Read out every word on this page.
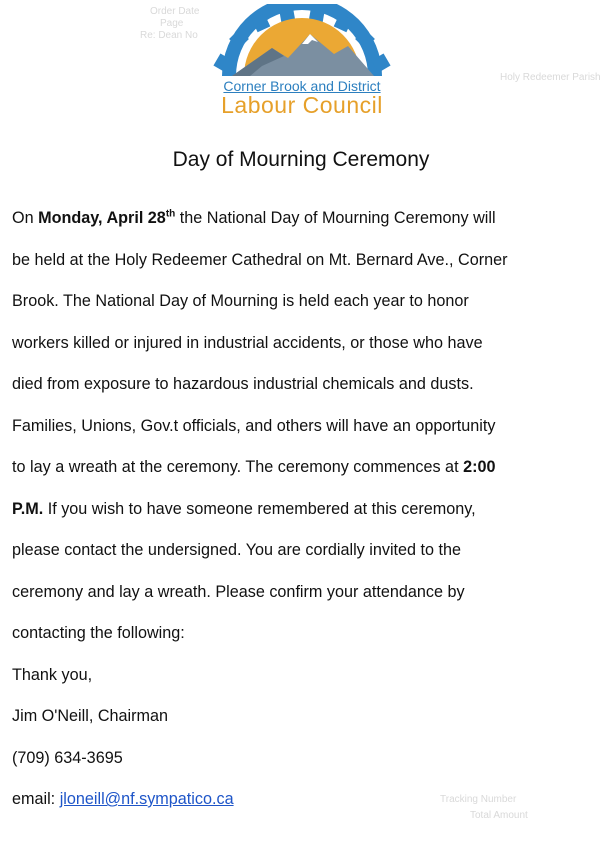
Order Date
Page
Re: Dean No
Holy Redeemer Parish
Corner Brook and District
Labour Council
Day of Mourning Ceremony
On Monday, April 28th the National Day of Mourning Ceremony will
be held at the Holy Redeemer Cathedral on Mt. Bernard Ave., Corner
Brook. The National Day of Mourning is held each year to honor
workers killed or injured in industrial accidents, or those who have
died from exposure to hazardous industrial chemicals and dusts.
Families, Unions, Gov.t officials, and others will have an opportunity
to lay a wreath at the ceremony. The ceremony commences at 2:00
P.M. If you wish to have someone remembered at this ceremony,
please contact the undersigned. You are cordially invited to the
ceremony and lay a wreath. Please confirm your attendance by
contacting the following:
Thank you,
Jim O'Neill, Chairman
(709) 634-3695
email: jloneill@nf.sympatico.ca	Tracking Number
Total Amount
